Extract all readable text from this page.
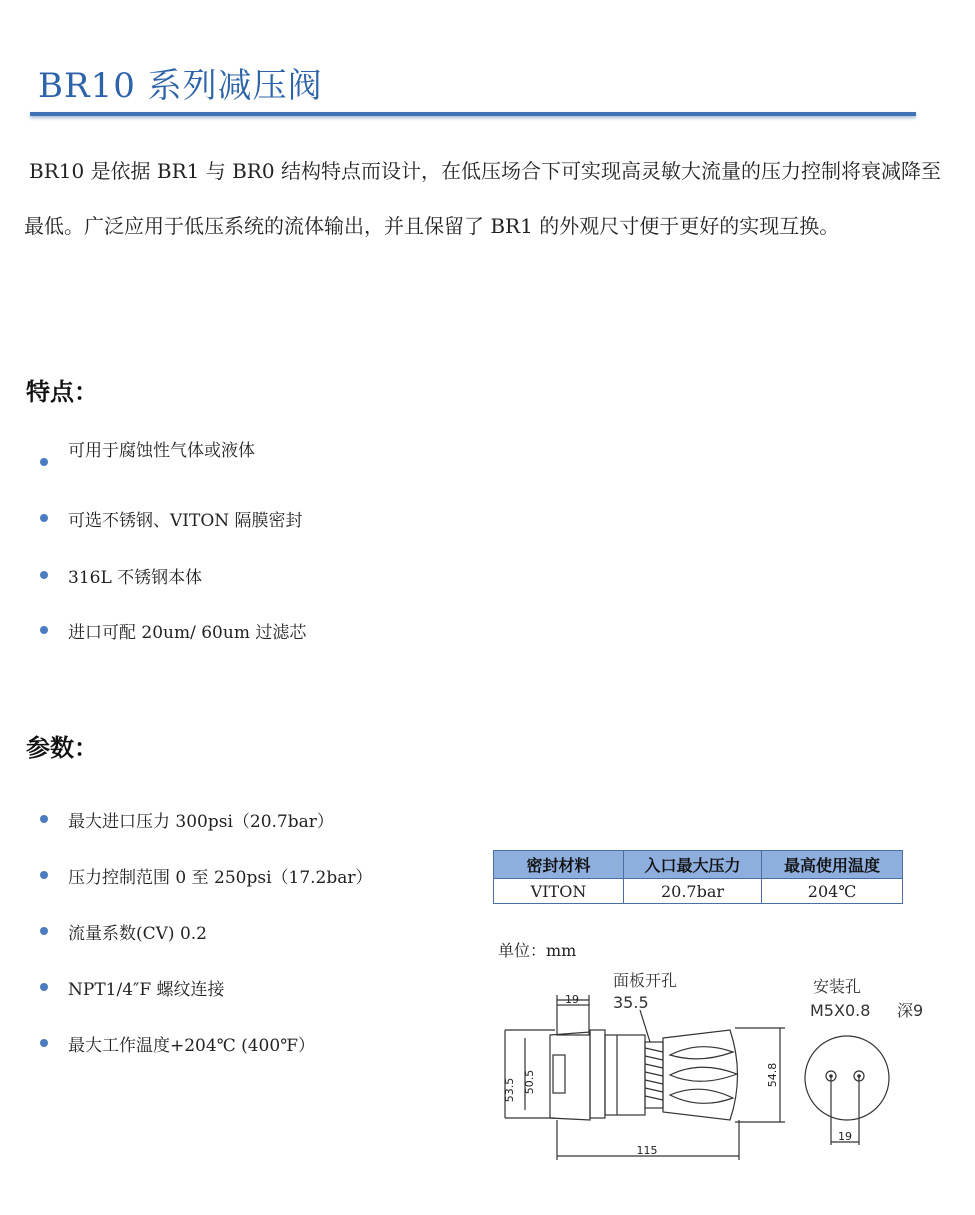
BR10 系列减压阀
BR10 是依据 BR1 与 BR0 结构特点而设计，在低压场合下可实现高灵敏大流量的压力控制将衰减降至最低。广泛应用于低压系统的流体输出，并且保留了 BR1 的外观尺寸便于更好的实现互换。
特点：
可用于腐蚀性气体或液体
可选不锈钢、VITON 隔膜密封
316L 不锈钢本体
进口可配 20um/ 60um 过滤芯
参数：
最大进口压力 300psi（20.7bar）
压力控制范围 0 至 250psi（17.2bar）
流量系数(CV) 0.2
NPT1/4″F 螺纹连接
最大工作温度+204℃ (400℉）
密封材料	入口最大压力	最高使用温度
VITON	20.7bar	204℃
单位：mm
19
53.5 50.5	54.8
115
19
面板开孔
35.5
安装孔
M5X0.8 深9
